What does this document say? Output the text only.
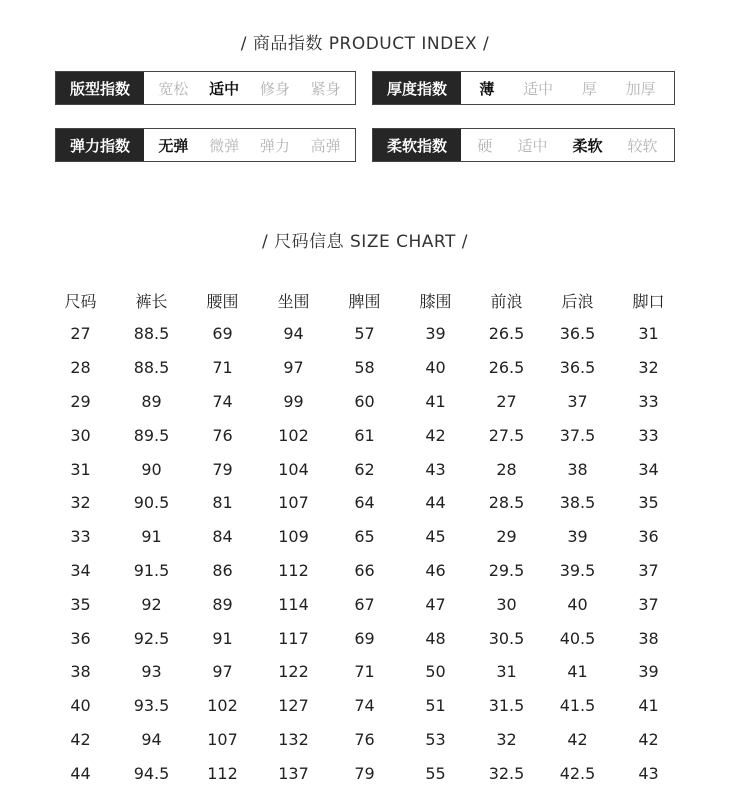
/ 商品指数 PRODUCT INDEX /
版型指数	宽松 适中 修身 紧身	厚度指数	薄 适中 厚 加厚
弹力指数	无弹 微弹 弹力 高弹	柔软指数	硬 适中 柔软 较软
/ 尺码信息 SIZE CHART /
尺码	裤长	腰围	坐围	脾围	膝围	前浪	后浪	脚口
27	88.5	69	94	57	39	26.5	36.5	31
28	88.5	71	97	58	40	26.5	36.5	32
29	89	74	99	60	41	27	37	33
30	89.5	76	102	61	42	27.5	37.5	33
31	90	79	104	62	43	28	38	34
32	90.5	81	107	64	44	28.5	38.5	35
33	91	84	109	65	45	29	39	36
34	91.5	86	112	66	46	29.5	39.5	37
35	92	89	114	67	47	30	40	37
36	92.5	91	117	69	48	30.5	40.5	38
38	93	97	122	71	50	31	41	39
40	93.5	102	127	74	51	31.5	41.5	41
42	94	107	132	76	53	32	42	42
44	94.5	112	137	79	55	32.5	42.5	43
